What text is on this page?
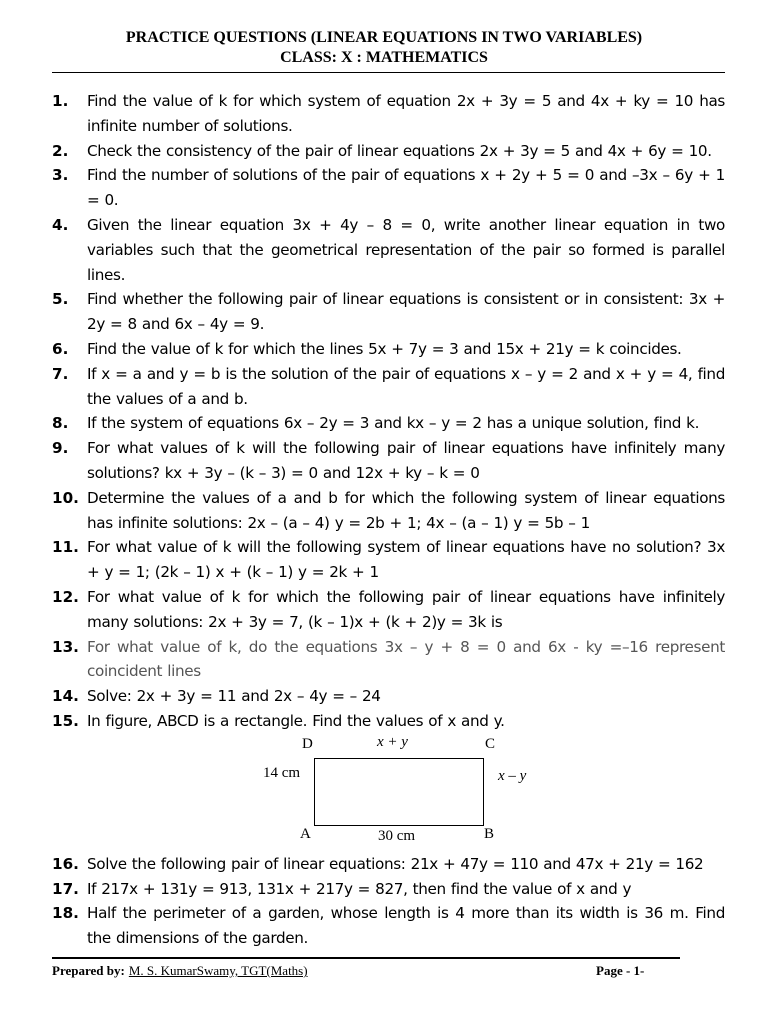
PRACTICE QUESTIONS (LINEAR EQUATIONS IN TWO VARIABLES)
CLASS: X : MATHEMATICS
1.	Find the value of k for which system of equation 2x + 3y = 5 and 4x + ky = 10 has infinite number of solutions.
2.	Check the consistency of the pair of linear equations 2x + 3y = 5 and 4x + 6y = 10.
3.	Find the number of solutions of the pair of equations x + 2y + 5 = 0 and –3x – 6y + 1 = 0.
4.	Given the linear equation 3x + 4y – 8 = 0, write another linear equation in two variables such that the geometrical representation of the pair so formed is parallel lines.
5.	Find whether the following pair of linear equations is consistent or in consistent: 3x + 2y = 8 and 6x – 4y = 9.
6.	Find the value of k for which the lines 5x + 7y = 3 and 15x + 21y = k coincides.
7.	If x = a and y = b is the solution of the pair of equations x – y = 2 and x + y = 4, find the values of a and b.
8.	If the system of equations 6x – 2y = 3 and kx – y = 2 has a unique solution, find k.
9.	For what values of k will the following pair of linear equations have infinitely many solutions? kx + 3y – (k – 3) = 0 and 12x + ky – k = 0
10. Determine the values of a and b for which the following system of linear equations has infinite solutions: 2x – (a – 4) y = 2b + 1; 4x – (a – 1) y = 5b – 1
11. For what value of k will the following system of linear equations have no solution? 3x + y = 1; (2k – 1) x + (k – 1) y = 2k + 1
12. For what value of k for which the following pair of linear equations have infinitely many solutions: 2x + 3y = 7, (k – 1)x + (k + 2)y = 3k is
13. For what value of k, do the equations 3x – y + 8 = 0 and 6x - ky =–16 represent coincident lines
14. Solve: 2x + 3y = 11 and 2x – 4y = – 24
15. In figure, ABCD is a rectangle. Find the values of x and y.
D	C
A	B
x + y
x – y
14 cm
30 cm
16. Solve the following pair of linear equations: 21x + 47y = 110 and 47x + 21y = 162
17. If 217x + 131y = 913, 131x + 217y = 827, then find the value of x and y
18. Half the perimeter of a garden, whose length is 4 more than its width is 36 m. Find the dimensions of the garden.
Prepared by: M. S. KumarSwamy, TGT(Maths)	Page - 1-
